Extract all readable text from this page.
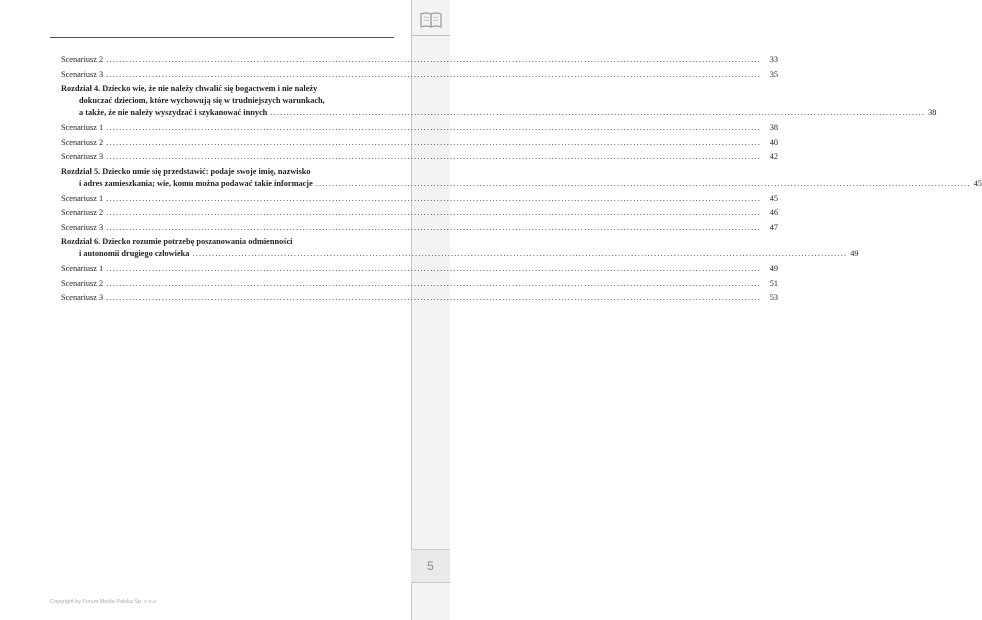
Scenariusz 2 ........................................................................................................................................................................................................	33
Scenariusz 3 ........................................................................................................................................................................................................	35
Rozdział 4. Dziecko wie, że nie należy chwalić się bogactwem i nie należy
dokuczać dzieciom, które wychowują się w trudniejszych warunkach,
a także, że nie należy wyszydzać i szykanować innych ........................................................................................................................................................................................................ 38
Scenariusz 1 ........................................................................................................................................................................................................	38
Scenariusz 2 ........................................................................................................................................................................................................	40
Scenariusz 3 ........................................................................................................................................................................................................	42
Rozdział 5. Dziecko umie się przedstawić: podaje swoje imię, nazwisko
i adres zamieszkania; wie, komu można podawać takie informacje ........................................................................................................................................................................................................ 45
Scenariusz 1 ........................................................................................................................................................................................................	45
Scenariusz 2 ........................................................................................................................................................................................................	46
Scenariusz 3 ........................................................................................................................................................................................................	47
Rozdział 6. Dziecko rozumie potrzebę poszanowania odmienności
i autonomii drugiego człowieka ........................................................................................................................................................................................................ 49
Scenariusz 1 ........................................................................................................................................................................................................	49
Scenariusz 2 ........................................................................................................................................................................................................	51
Scenariusz 3 ........................................................................................................................................................................................................	53
5
Copyright by Forum Media Polska Sp. z o.o.
